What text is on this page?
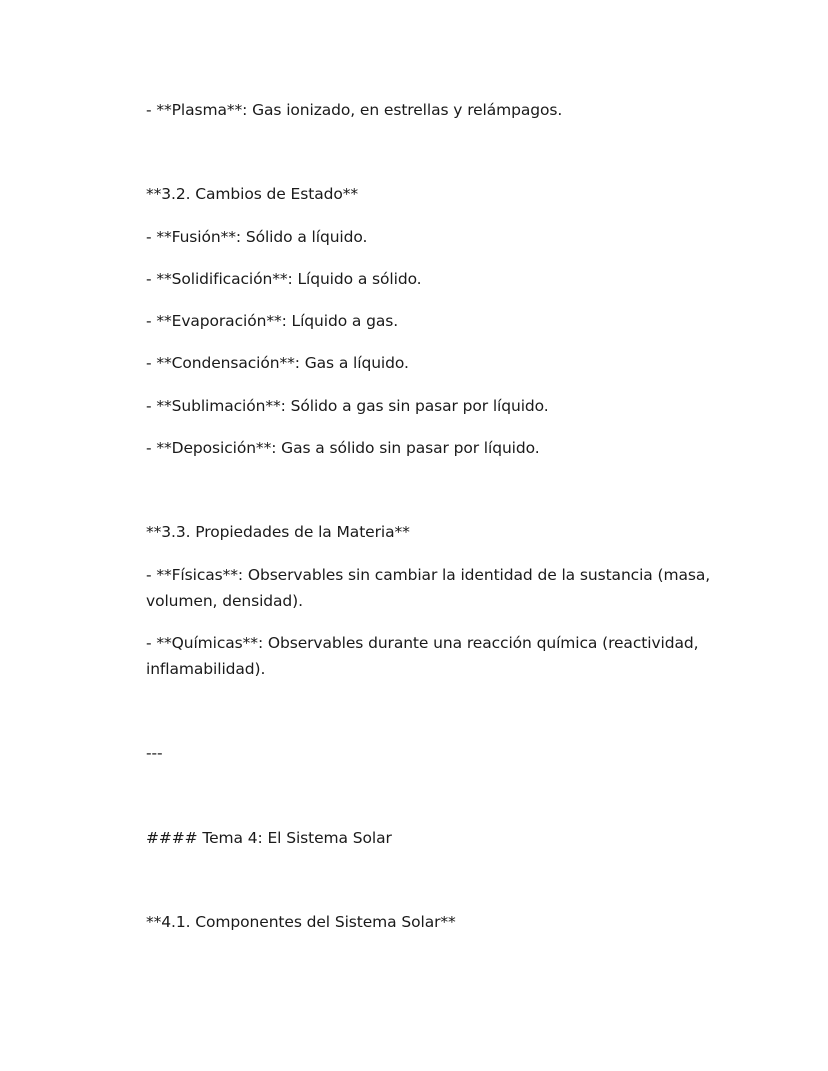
- **Plasma**: Gas ionizado, en estrellas y relámpagos.
**3.2. Cambios de Estado**
- **Fusión**: Sólido a líquido.
- **Solidificación**: Líquido a sólido.
- **Evaporación**: Líquido a gas.
- **Condensación**: Gas a líquido.
- **Sublimación**: Sólido a gas sin pasar por líquido.
- **Deposición**: Gas a sólido sin pasar por líquido.
**3.3. Propiedades de la Materia**
- **Físicas**: Observables sin cambiar la identidad de la sustancia (masa, volumen, densidad).
- **Químicas**: Observables durante una reacción química (reactividad, inflamabilidad).
---
#### Tema 4: El Sistema Solar
**4.1. Componentes del Sistema Solar**
